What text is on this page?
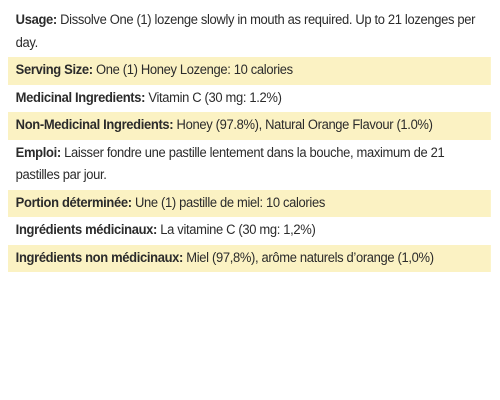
Usage: Dissolve One (1) lozenge slowly in mouth as required. Up to 21 lozenges per day.
Serving Size: One (1) Honey Lozenge: 10 calories
Medicinal Ingredients: Vitamin C (30 mg: 1.2%)
Non-Medicinal Ingredients: Honey (97.8%), Natural Orange Flavour (1.0%)
Emploi: Laisser fondre une pastille lentement dans la bouche, maximum de 21 pastilles par jour.
Portion déterminée: Une (1) pastille de miel: 10 calories
Ingrédients médicinaux: La vitamine C (30 mg: 1,2%)
Ingrédients non médicinaux: Miel (97,8%), arôme naturels d’orange (1,0%)
